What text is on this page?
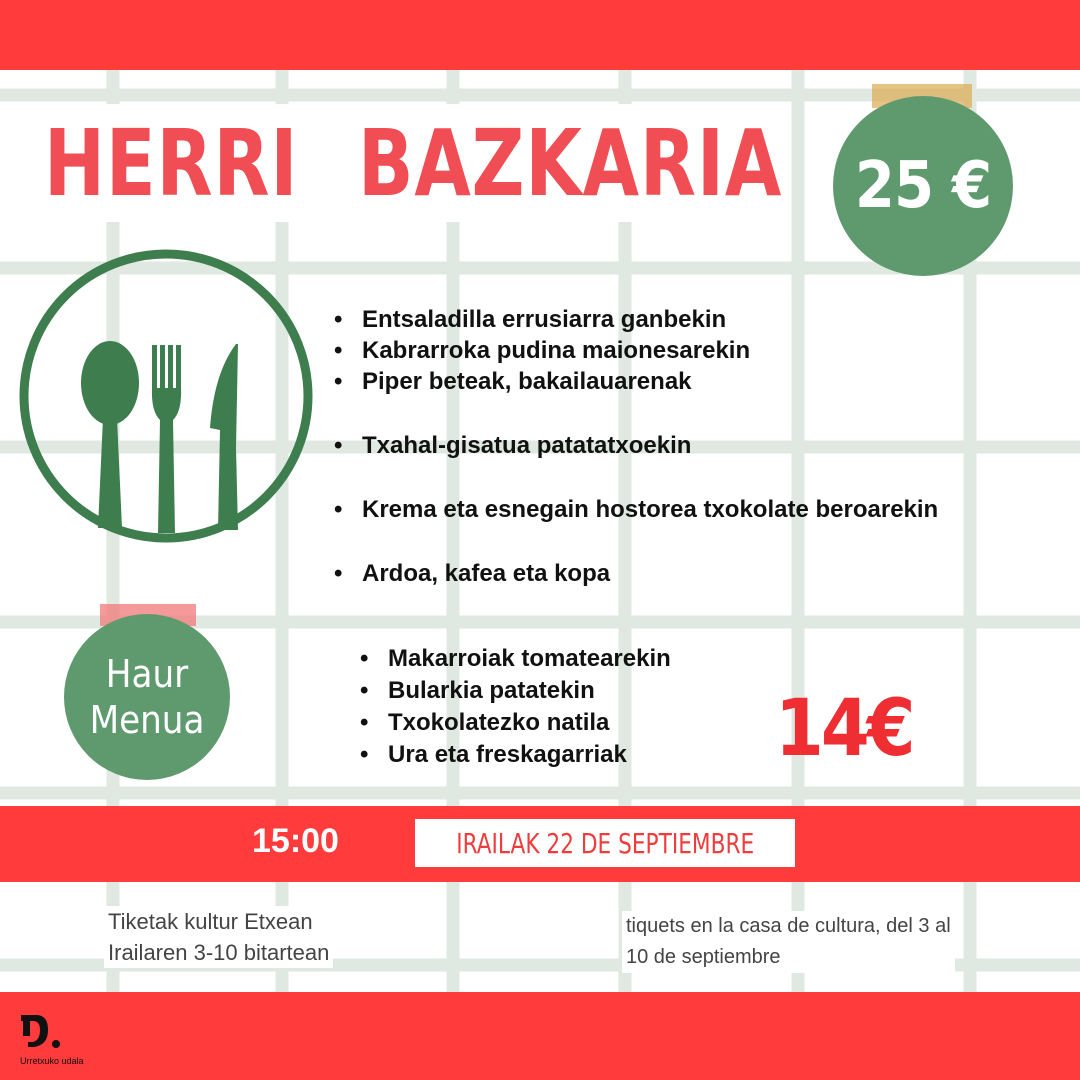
HERRI BAZKARIA	25 €
• Entsaladilla errusiarra ganbekin
• Kabrarroka pudina maionesarekin
• Piper beteak, bakailauarenak
• Txahal-gisatua patatatxoekin
• Krema eta esnegain hostorea txokolate beroarekin
• Ardoa, kafea eta kopa
Haur
Menua
• Makarroiak tomatearekin
• Bularkia patatekin
• Txokolatezko natila
• Ura eta freskagarriak	14€
15:00	IRAILAK 22 DE SEPTIEMBRE
Tiketak kultur Etxean
Irailaren 3-10 bitartean
tiquets en la casa de cultura, del 3 al
10 de septiembre
Urretxuko udala
